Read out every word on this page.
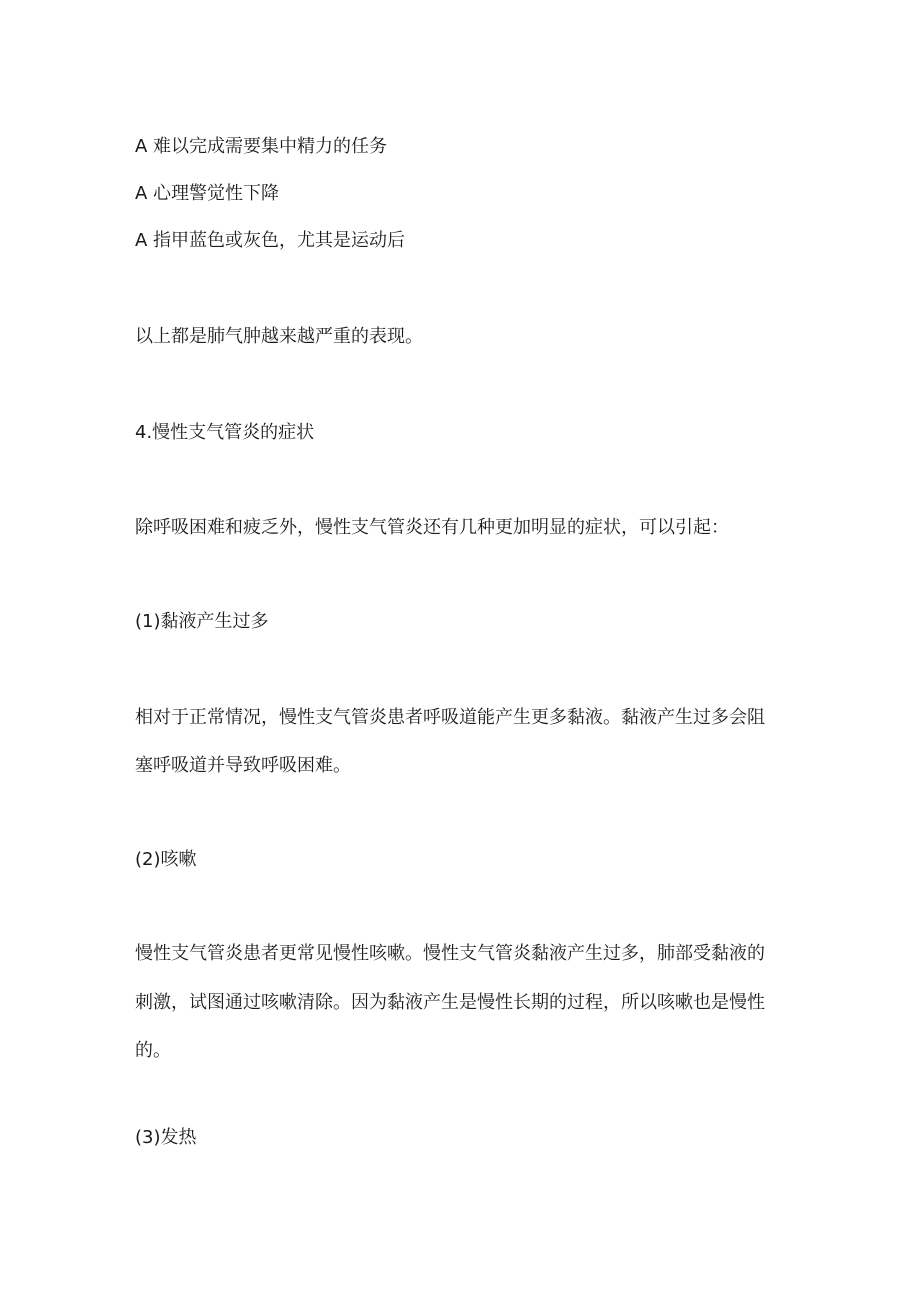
A 难以完成需要集中精力的任务
A 心理警觉性下降
A 指甲蓝色或灰色，尤其是运动后
以上都是肺气肿越来越严重的表现。
4.慢性支气管炎的症状
除呼吸困难和疲乏外，慢性支气管炎还有几种更加明显的症状，可以引起：
(1)黏液产生过多
相对于正常情况，慢性支气管炎患者呼吸道能产生更多黏液。黏液产生过多会阻
塞呼吸道并导致呼吸困难。
(2)咳嗽
慢性支气管炎患者更常见慢性咳嗽。慢性支气管炎黏液产生过多，肺部受黏液的
刺激，试图通过咳嗽清除。因为黏液产生是慢性长期的过程，所以咳嗽也是慢性
的。
(3)发热
